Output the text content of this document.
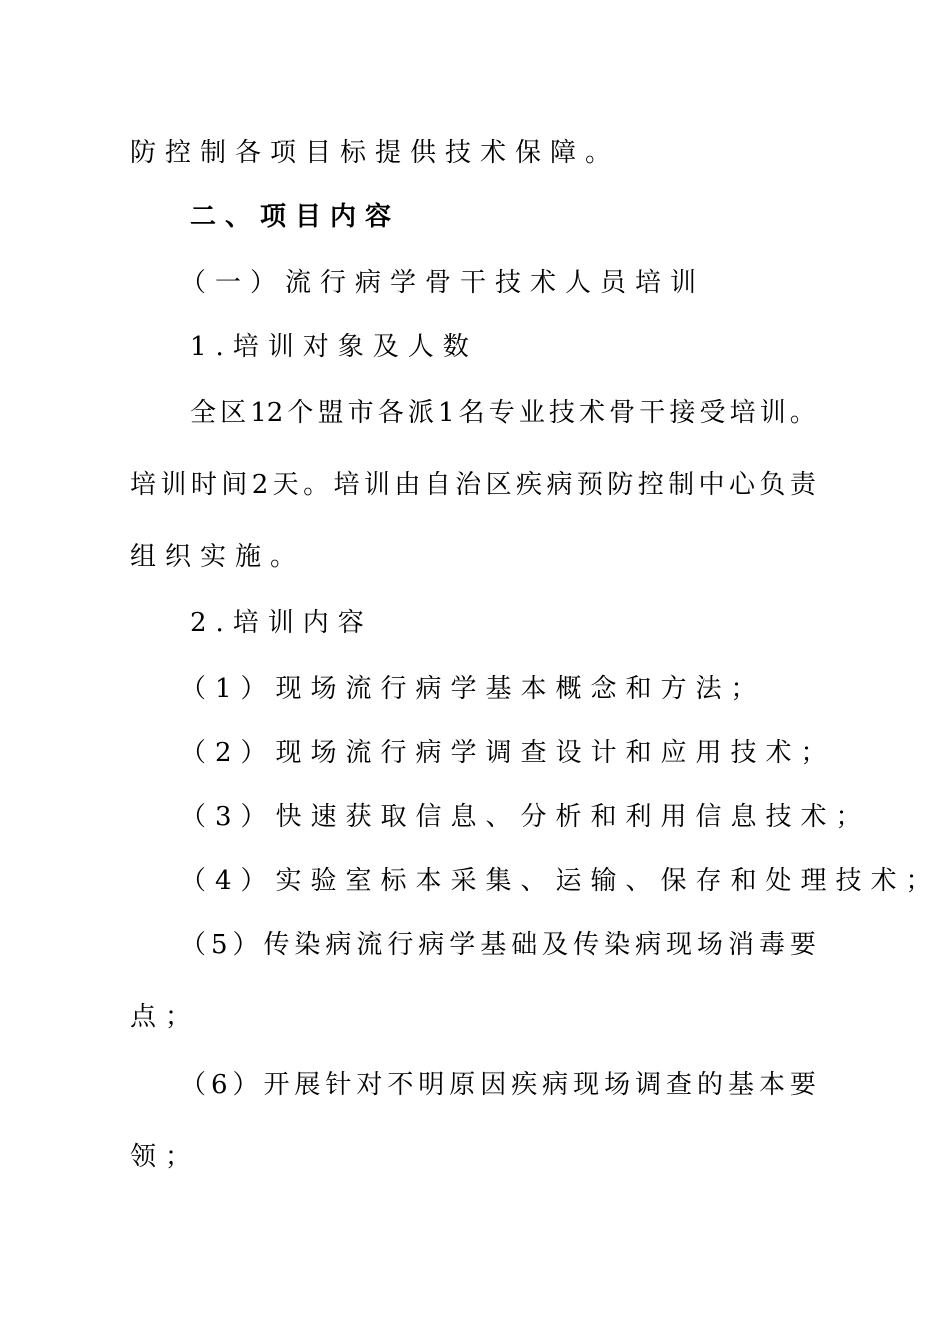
防控制各项目标提供技术保障。

二、项目内容

（一）流行病学骨干技术人员培训

1.培训对象及人数

全 区 12 个 盟 市 各 派 1 名 专 业 技 术 骨 干 接 受 培 训 。

培 训 时 间 2 天 。 培 训 由 自 治 区 疾 病 预 防 控 制 中 心 负 责

组织实施。

2.培训内容

（1）现场流行病学基本概念和方法；

（2）现场流行病学调查设计和应用技术；

（3）快速获取信息、分析和利用信息技术；

（4）实验室标本采集、运输、保存和处理技术；

（ 5 ） 传 染 病 流 行 病 学 基 础 及 传 染 病 现 场 消 毒 要

点；

（ 6 ） 开 展 针 对 不 明 原 因 疾 病 现 场 调 查 的 基 本 要

领；
